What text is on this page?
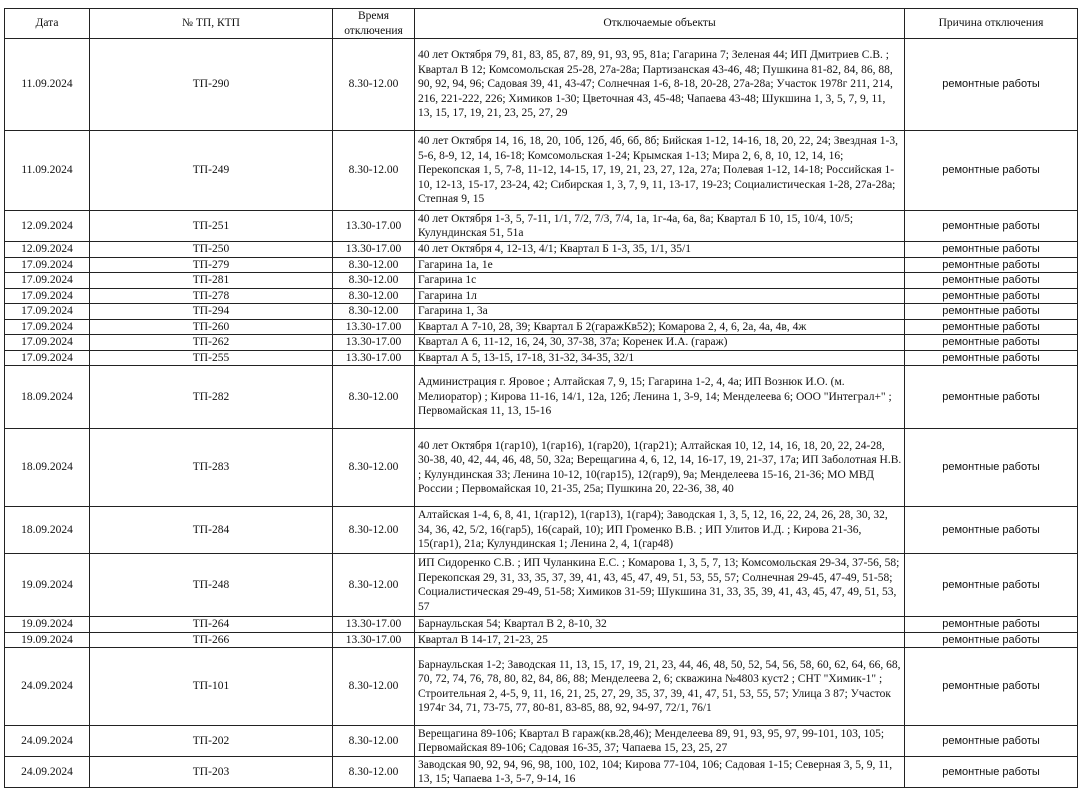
Дата	№ ТП, КТП	Время отключения	Отключаемые объекты	Причина отключения
11.09.2024	ТП-290	8.30-12.00	40 лет Октября 79, 81, 83, 85, 87, 89, 91, 93, 95, 81а; Гагарина 7; Зеленая 44; ИП Дмитриев С.В. ; Квартал В 12; Комсомольская 25-28, 27а-28а; Партизанская 43-46, 48; Пушкина 81-82, 84, 86, 88, 90, 92, 94, 96; Садовая 39, 41, 43-47; Солнечная 1-6, 8-18, 20-28, 27а-28а; Участок 1978г 211, 214, 216, 221-222, 226; Химиков 1-30; Цветочная 43, 45-48; Чапаева 43-48; Шукшина 1, 3, 5, 7, 9, 11, 13, 15, 17, 19, 21, 23, 25, 27, 29	ремонтные работы
11.09.2024	ТП-249	8.30-12.00	40 лет Октября 14, 16, 18, 20, 10б, 12б, 4б, 6б, 8б; Бийская 1-12, 14-16, 18, 20, 22, 24; Звездная 1-3, 5-6, 8-9, 12, 14, 16-18; Комсомольская 1-24; Крымская 1-13; Мира 2, 6, 8, 10, 12, 14, 16; Перекопская 1, 5, 7-8, 11-12, 14-15, 17, 19, 21, 23, 27, 12а, 27а; Полевая 1-12, 14-18; Российская 1-10, 12-13, 15-17, 23-24, 42; Сибирская 1, 3, 7, 9, 11, 13-17, 19-23; Социалистическая 1-28, 27а-28а; Степная 9, 15	ремонтные работы
12.09.2024	ТП-251	13.30-17.00	40 лет Октября 1-3, 5, 7-11, 1/1, 7/2, 7/3, 7/4, 1а, 1г-4а, 6а, 8а; Квартал Б 10, 15, 10/4, 10/5; Кулундинская 51, 51а	ремонтные работы
12.09.2024	ТП-250	13.30-17.00	40 лет Октября 4, 12-13, 4/1; Квартал Б 1-3, 35, 1/1, 35/1	ремонтные работы
17.09.2024	ТП-279	8.30-12.00	Гагарина 1а, 1е	ремонтные работы
17.09.2024	ТП-281	8.30-12.00	Гагарина 1с	ремонтные работы
17.09.2024	ТП-278	8.30-12.00	Гагарина 1л	ремонтные работы
17.09.2024	ТП-294	8.30-12.00	Гагарина 1, 3а	ремонтные работы
17.09.2024	ТП-260	13.30-17.00	Квартал А 7-10, 28, 39; Квартал Б 2(гаражКв52); Комарова 2, 4, 6, 2а, 4а, 4в, 4ж	ремонтные работы
17.09.2024	ТП-262	13.30-17.00	Квартал А 6, 11-12, 16, 24, 30, 37-38, 37а; Коренек И.А. (гараж)	ремонтные работы
17.09.2024	ТП-255	13.30-17.00	Квартал А 5, 13-15, 17-18, 31-32, 34-35, 32/1	ремонтные работы
18.09.2024	ТП-282	8.30-12.00	Администрация г. Яровое ; Алтайская 7, 9, 15; Гагарина 1-2, 4, 4а; ИП Вознюк И.О. (м. Мелиоратор) ; Кирова 11-16, 14/1, 12а, 12б; Ленина 1, 3-9, 14; Менделеева 6; ООО "Интеграл+" ; Первомайская 11, 13, 15-16	ремонтные работы
18.09.2024	ТП-283	8.30-12.00	40 лет Октября 1(гар10), 1(гар16), 1(гар20), 1(гар21); Алтайская 10, 12, 14, 16, 18, 20, 22, 24-28, 30-38, 40, 42, 44, 46, 48, 50, 32а; Верещагина 4, 6, 12, 14, 16-17, 19, 21-37, 17а; ИП Заболотная Н.В. ; Кулундинская 33; Ленина 10-12, 10(гар15), 12(гар9), 9а; Менделеева 15-16, 21-36; МО МВД России ; Первомайская 10, 21-35, 25а; Пушкина 20, 22-36, 38, 40	ремонтные работы
18.09.2024	ТП-284	8.30-12.00	Алтайская 1-4, 6, 8, 41, 1(гар12), 1(гар13), 1(гар4); Заводская 1, 3, 5, 12, 16, 22, 24, 26, 28, 30, 32, 34, 36, 42, 5/2, 16(гар5), 16(сарай, 10); ИП Громенко В.В. ; ИП Улитов И.Д. ; Кирова 21-36, 15(гар1), 21а; Кулундинская 1; Ленина 2, 4, 1(гар48)	ремонтные работы
19.09.2024	ТП-248	8.30-12.00	ИП Сидоренко С.В. ; ИП Чуланкина Е.С. ; Комарова 1, 3, 5, 7, 13; Комсомольская 29-34, 37-56, 58; Перекопская 29, 31, 33, 35, 37, 39, 41, 43, 45, 47, 49, 51, 53, 55, 57; Солнечная 29-45, 47-49, 51-58; Социалистическая 29-49, 51-58; Химиков 31-59; Шукшина 31, 33, 35, 39, 41, 43, 45, 47, 49, 51, 53, 57	ремонтные работы
19.09.2024	ТП-264	13.30-17.00	Барнаульская 54; Квартал В 2, 8-10, 32	ремонтные работы
19.09.2024	ТП-266	13.30-17.00	Квартал В 14-17, 21-23, 25	ремонтные работы
24.09.2024	ТП-101	8.30-12.00	Барнаульская 1-2; Заводская 11, 13, 15, 17, 19, 21, 23, 44, 46, 48, 50, 52, 54, 56, 58, 60, 62, 64, 66, 68, 70, 72, 74, 76, 78, 80, 82, 84, 86, 88; Менделеева 2, 6; скважина №4803 куст2 ; СНТ "Химик-1" ; Строительная 2, 4-5, 9, 11, 16, 21, 25, 27, 29, 35, 37, 39, 41, 47, 51, 53, 55, 57; Улица 3 87; Участок 1974г 34, 71, 73-75, 77, 80-81, 83-85, 88, 92, 94-97, 72/1, 76/1	ремонтные работы
24.09.2024	ТП-202	8.30-12.00	Верещагина 89-106; Квартал В гараж(кв.28,46); Менделеева 89, 91, 93, 95, 97, 99-101, 103, 105; Первомайская 89-106; Садовая 16-35, 37; Чапаева 15, 23, 25, 27	ремонтные работы
24.09.2024	ТП-203	8.30-12.00	Заводская 90, 92, 94, 96, 98, 100, 102, 104; Кирова 77-104, 106; Садовая 1-15; Северная 3, 5, 9, 11, 13, 15; Чапаева 1-3, 5-7, 9-14, 16	ремонтные работы
